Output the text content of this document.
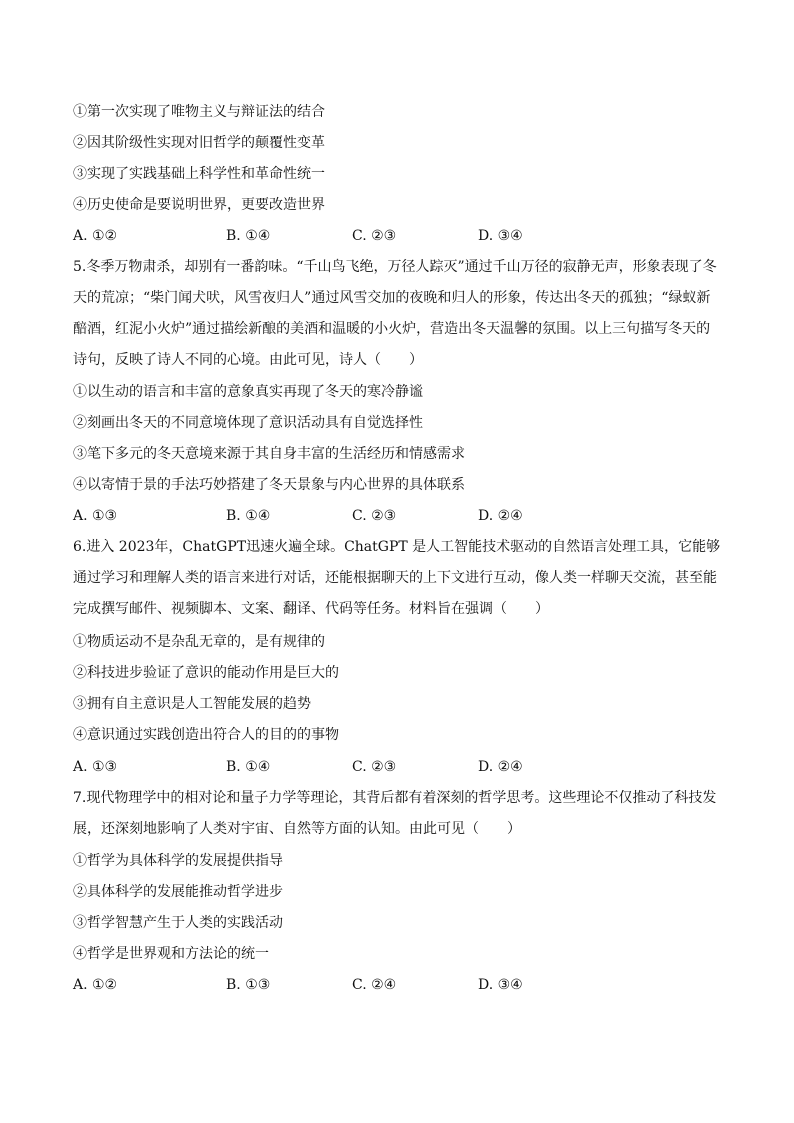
①第一次实现了唯物主义与辩证法的结合
②因其阶级性实现对旧哲学的颠覆性变革
③实现了实践基础上科学性和革命性统一
④历史使命是要说明世界，更要改造世界
A. ①②	B. ①④	C. ②③	D. ③④
5.冬季万物肃杀，却别有一番韵味。“千山鸟飞绝，万径人踪灭”通过千山万径的寂静无声，形象表现了冬天的荒凉；“柴门闻犬吠，风雪夜归人”通过风雪交加的夜晚和归人的形象，传达出冬天的孤独；“绿蚁新醅酒，红泥小火炉”通过描绘新酿的美酒和温暖的小火炉，营造出冬天温馨的氛围。以上三句描写冬天的诗句，反映了诗人不同的心境。由此可见，诗人（　　）
①以生动的语言和丰富的意象真实再现了冬天的寒冷静谧
②刻画出冬天的不同意境体现了意识活动具有自觉选择性
③笔下多元的冬天意境来源于其自身丰富的生活经历和情感需求
④以寄情于景的手法巧妙搭建了冬天景象与内心世界的具体联系
A. ①③	B. ①④	C. ②③	D. ②④
6.进入 2023年，ChatGPT迅速火遍全球。ChatGPT 是人工智能技术驱动的自然语言处理工具，它能够通过学习和理解人类的语言来进行对话，还能根据聊天的上下文进行互动，像人类一样聊天交流，甚至能完成撰写邮件、视频脚本、文案、翻译、代码等任务。材料旨在强调（　　）
①物质运动不是杂乱无章的，是有规律的
②科技进步验证了意识的能动作用是巨大的
③拥有自主意识是人工智能发展的趋势
④意识通过实践创造出符合人的目的的事物
A. ①③	B. ①④	C. ②③	D. ②④
7.现代物理学中的相对论和量子力学等理论，其背后都有着深刻的哲学思考。这些理论不仅推动了科技发展，还深刻地影响了人类对宇宙、自然等方面的认知。由此可见（　　）
①哲学为具体科学的发展提供指导
②具体科学的发展能推动哲学进步
③哲学智慧产生于人类的实践活动
④哲学是世界观和方法论的统一
A. ①②	B. ①③	C. ②④	D. ③④
